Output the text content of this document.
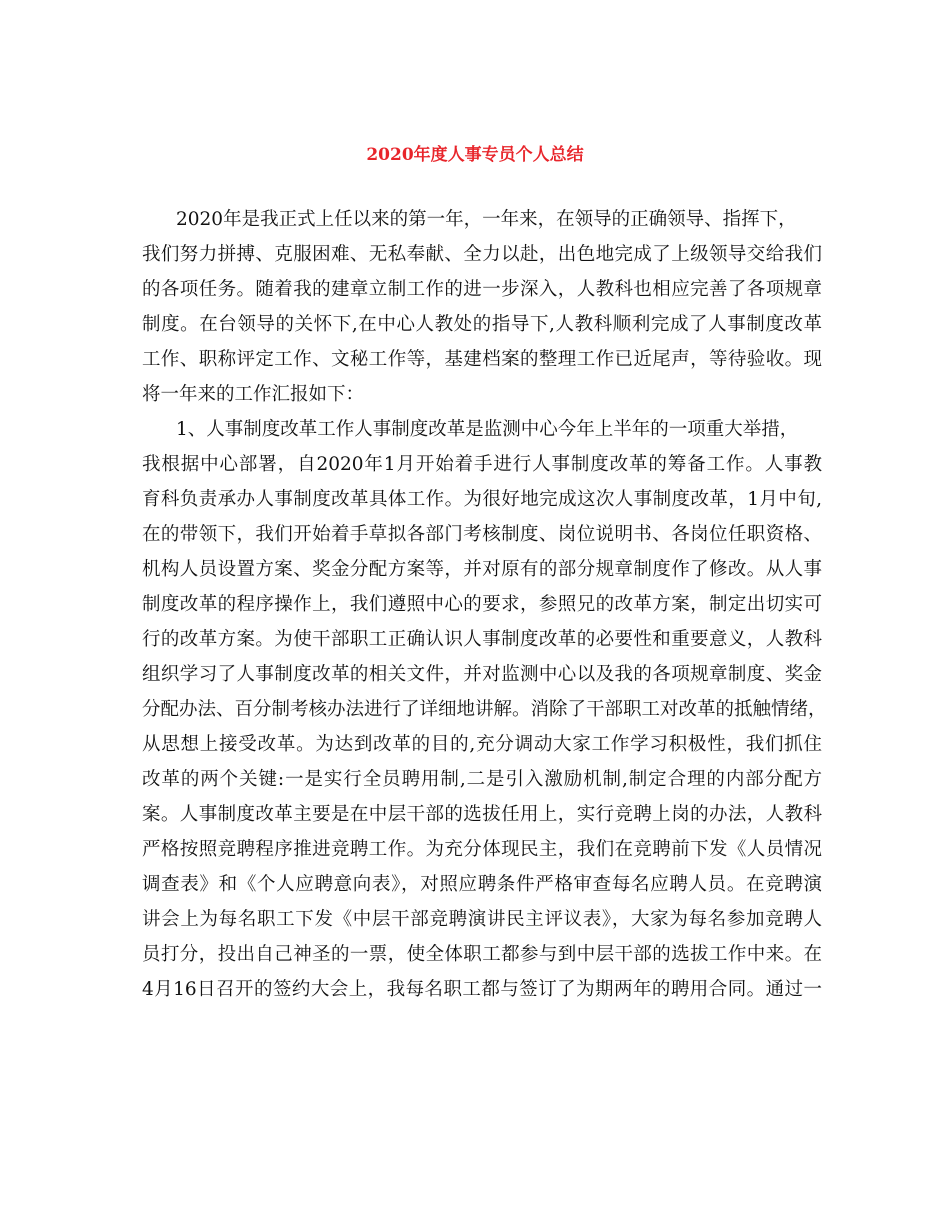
2020年度人事专员个人总结
2020年是我正式上任以来的第一年，一年来，在领导的正确领导、指挥下，
我们努力拼搏、克服困难、无私奉献、全力以赴，出色地完成了上级领导交给我们
的各项任务。随着我的建章立制工作的进一步深入，人教科也相应完善了各项规章
制度。在台领导的关怀下,在中心人教处的指导下,人教科顺利完成了人事制度改革
工作、职称评定工作、文秘工作等，基建档案的整理工作已近尾声，等待验收。现
将一年来的工作汇报如下：
1、人事制度改革工作人事制度改革是监测中心今年上半年的一项重大举措，
我根据中心部署，自2020年1月开始着手进行人事制度改革的筹备工作。人事教
育科负责承办人事制度改革具体工作。为很好地完成这次人事制度改革，1月中旬,
在的带领下，我们开始着手草拟各部门考核制度、岗位说明书、各岗位任职资格、
机构人员设置方案、奖金分配方案等，并对原有的部分规章制度作了修改。从人事
制度改革的程序操作上，我们遵照中心的要求，参照兄的改革方案，制定出切实可
行的改革方案。为使干部职工正确认识人事制度改革的必要性和重要意义，人教科
组织学习了人事制度改革的相关文件，并对监测中心以及我的各项规章制度、奖金
分配办法、百分制考核办法进行了详细地讲解。消除了干部职工对改革的抵触情绪，
从思想上接受改革。为达到改革的目的,充分调动大家工作学习积极性，我们抓住
改革的两个关键:一是实行全员聘用制,二是引入激励机制,制定合理的内部分配方
案。人事制度改革主要是在中层干部的选拔任用上，实行竞聘上岗的办法，人教科
严格按照竞聘程序推进竞聘工作。为充分体现民主，我们在竞聘前下发《人员情况
调查表》和《个人应聘意向表》，对照应聘条件严格审查每名应聘人员。在竞聘演
讲会上为每名职工下发《中层干部竞聘演讲民主评议表》，大家为每名参加竞聘人
员打分，投出自己神圣的一票，使全体职工都参与到中层干部的选拔工作中来。在
4月16日召开的签约大会上，我每名职工都与签订了为期两年的聘用合同。通过一
